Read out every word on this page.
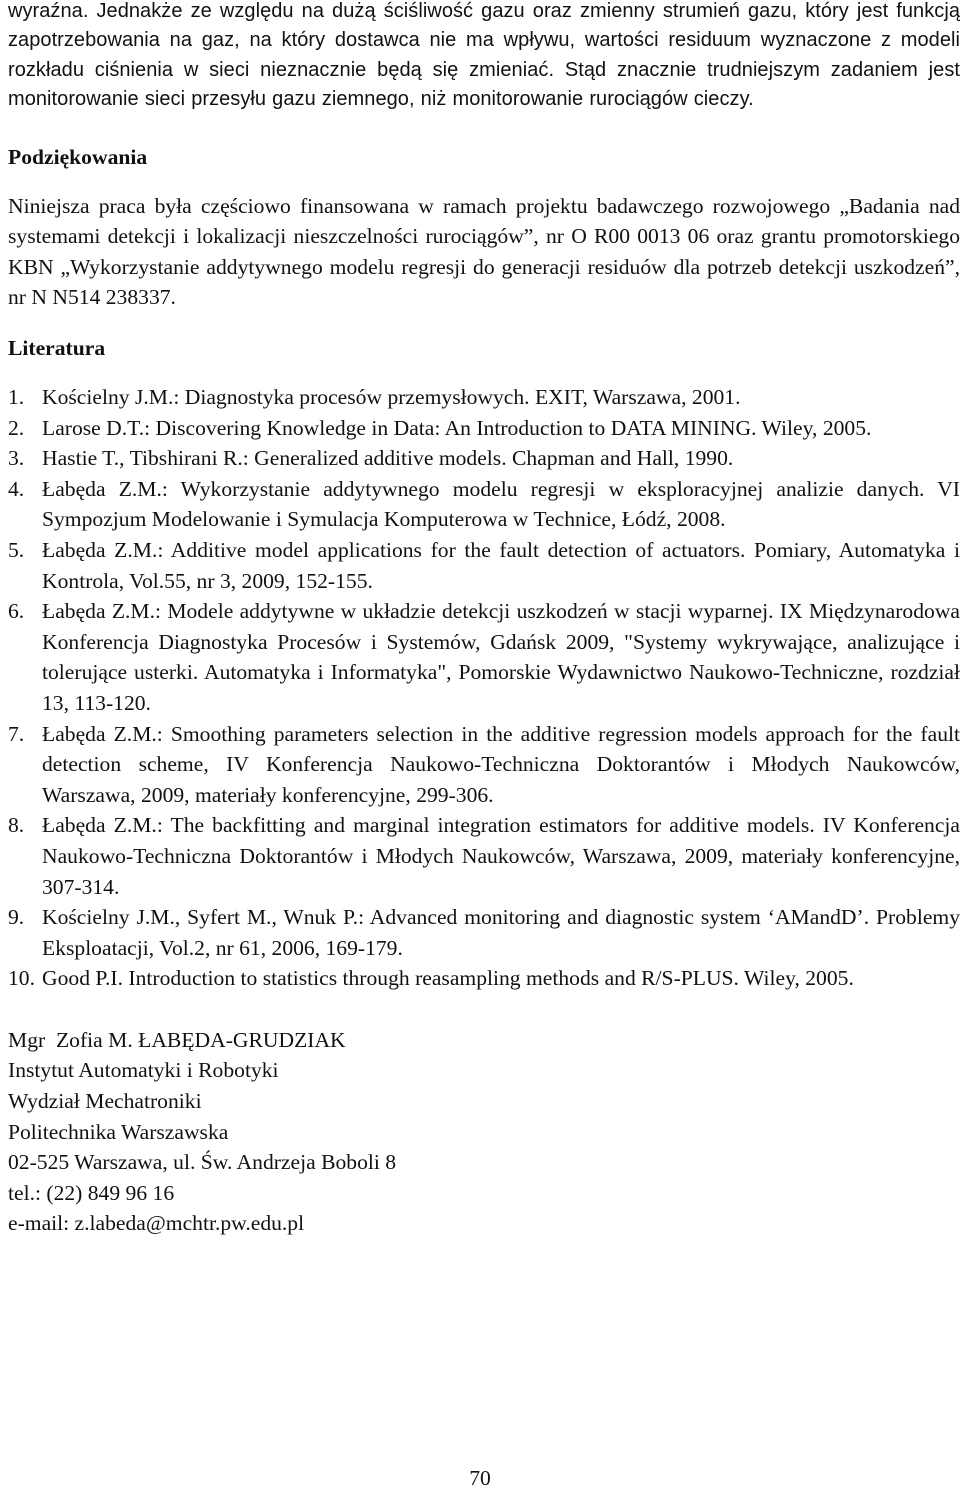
wyraźna. Jednakże ze względu na dużą ściśliwość gazu oraz zmienny strumień gazu, który jest funkcją zapotrzebowania na gaz, na który dostawca nie ma wpływu, wartości residuum wyznaczone z modeli rozkładu ciśnienia w sieci nieznacznie będą się zmieniać. Stąd znacznie trudniejszym zadaniem jest monitorowanie sieci przesyłu gazu ziemnego, niż monitorowanie rurociągów cieczy.

Podziękowania

Niniejsza praca była częściowo finansowana w ramach projektu badawczego rozwojowego „Badania nad systemami detekcji i lokalizacji nieszczelności rurociągów”, nr O R00 0013 06 oraz grantu promotorskiego KBN „Wykorzystanie addytywnego modelu regresji do generacji residuów dla potrzeb detekcji uszkodzeń”, nr N N514 238337.

Literatura
1. Kościelny J.M.: Diagnostyka procesów przemysłowych. EXIT, Warszawa, 2001.
2. Larose D.T.: Discovering Knowledge in Data: An Introduction to DATA MINING. Wiley, 2005.
3. Hastie T., Tibshirani R.: Generalized additive models. Chapman and Hall, 1990.
4. Łabęda Z.M.: Wykorzystanie addytywnego modelu regresji w eksploracyjnej analizie danych. VI Sympozjum Modelowanie i Symulacja Komputerowa w Technice, Łódź, 2008.
5. Łabęda Z.M.: Additive model applications for the fault detection of actuators. Pomiary, Automatyka i Kontrola, Vol.55, nr 3, 2009, 152-155.
6. Łabęda Z.M.: Modele addytywne w układzie detekcji uszkodzeń w stacji wyparnej. IX Międzynarodowa Konferencja Diagnostyka Procesów i Systemów, Gdańsk 2009, "Systemy wykrywające, analizujące i tolerujące usterki. Automatyka i Informatyka", Pomorskie Wydawnictwo Naukowo-Techniczne, rozdział 13, 113-120.
7. Łabęda Z.M.: Smoothing parameters selection in the additive regression models approach for the fault detection scheme, IV Konferencja Naukowo-Techniczna Doktorantów i Młodych Naukowców, Warszawa, 2009, materiały konferencyjne, 299-306.
8. Łabęda Z.M.: The backfitting and marginal integration estimators for additive models. IV Konferencja Naukowo-Techniczna Doktorantów i Młodych Naukowców, Warszawa, 2009, materiały konferencyjne, 307-314.
9. Kościelny J.M., Syfert M., Wnuk P.: Advanced monitoring and diagnostic system ‘AMandD’. Problemy Eksploatacji, Vol.2, nr 61, 2006, 169-179.
10. Good P.I. Introduction to statistics through reasampling methods and R/S-PLUS. Wiley, 2005.
Mgr  Zofia M. ŁABĘDA-GRUDZIAK
Instytut Automatyki i Robotyki
Wydział Mechatroniki
Politechnika Warszawska
02-525 Warszawa, ul. Św. Andrzeja Boboli 8
tel.: (22) 849 96 16
e-mail: z.labeda@mchtr.pw.edu.pl
70
